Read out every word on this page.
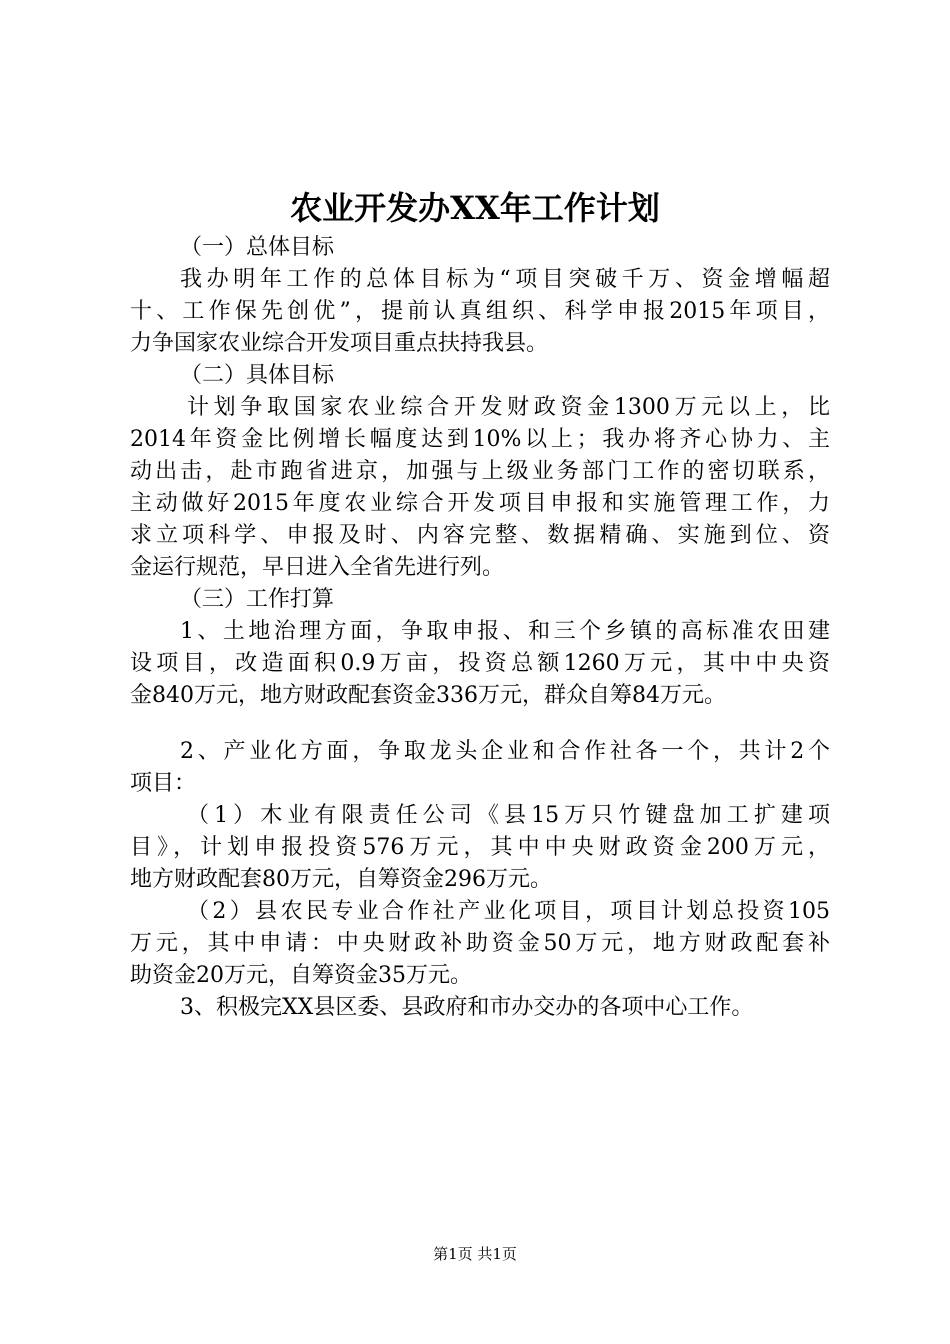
农业开发办XX年工作计划
（一）总体目标
我办明年工作的总体目标为“项目突破千万、资金增幅超
十、工作保先创优”，提前认真组织、科学申报2015年项目，
力争国家农业综合开发项目重点扶持我县。
（二）具体目标
计划争取国家农业综合开发财政资金1300万元以上，比
2014年资金比例增长幅度达到10%以上；我办将齐心协力、主
动出击，赴市跑省进京，加强与上级业务部门工作的密切联系，
主动做好2015年度农业综合开发项目申报和实施管理工作，力
求立项科学、申报及时、内容完整、数据精确、实施到位、资
金运行规范，早日进入全省先进行列。
（三）工作打算
1、土地治理方面，争取申报、和三个乡镇的高标准农田建
设项目，改造面积0.9万亩，投资总额1260万元，其中中央资
金840万元，地方财政配套资金336万元，群众自筹84万元。
2、产业化方面，争取龙头企业和合作社各一个，共计2个
项目：
（1）木业有限责任公司《县15万只竹键盘加工扩建项
目》，计划申报投资576万元，其中中央财政资金200万元，
地方财政配套80万元，自筹资金296万元。
（2）县农民专业合作社产业化项目，项目计划总投资105
万元，其中申请：中央财政补助资金50万元，地方财政配套补
助资金20万元，自筹资金35万元。
3、积极完XX县区委、县政府和市办交办的各项中心工作。
第1页 共1页
